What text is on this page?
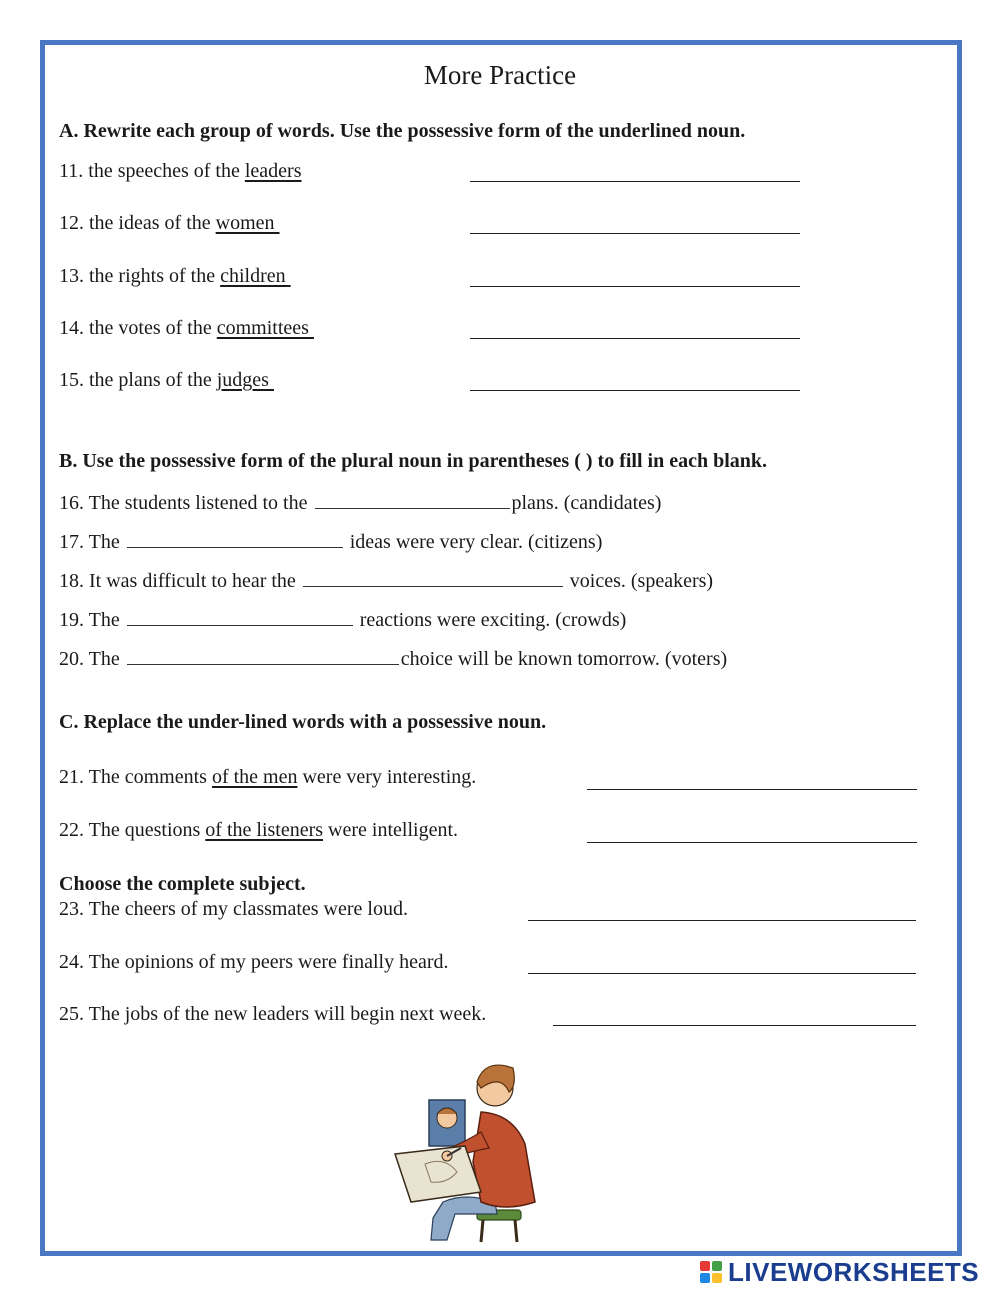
More Practice
A. Rewrite each group of words. Use the possessive form of the underlined noun.
11. the speeches of the leaders
12. the ideas of the women
13. the rights of the children
14. the votes of the committees
15. the plans of the judges
B. Use the possessive form of the plural noun in parentheses ( ) to fill in each blank.
16. The students listened to the	plans. (candidates)
17. The	ideas were very clear. (citizens)
18. It was difficult to hear the	voices. (speakers)
19. The	reactions were exciting. (crowds)
20. The	choice will be known tomorrow. (voters)
C. Replace the under-lined words with a possessive noun.
21. The comments of the men were very interesting.
22. The questions of the listeners were intelligent.
Choose the complete subject.
23. The cheers of my classmates were loud.
24. The opinions of my peers were finally heard.
25. The jobs of the new leaders will begin next week.
LIVEWORKSHEETS
